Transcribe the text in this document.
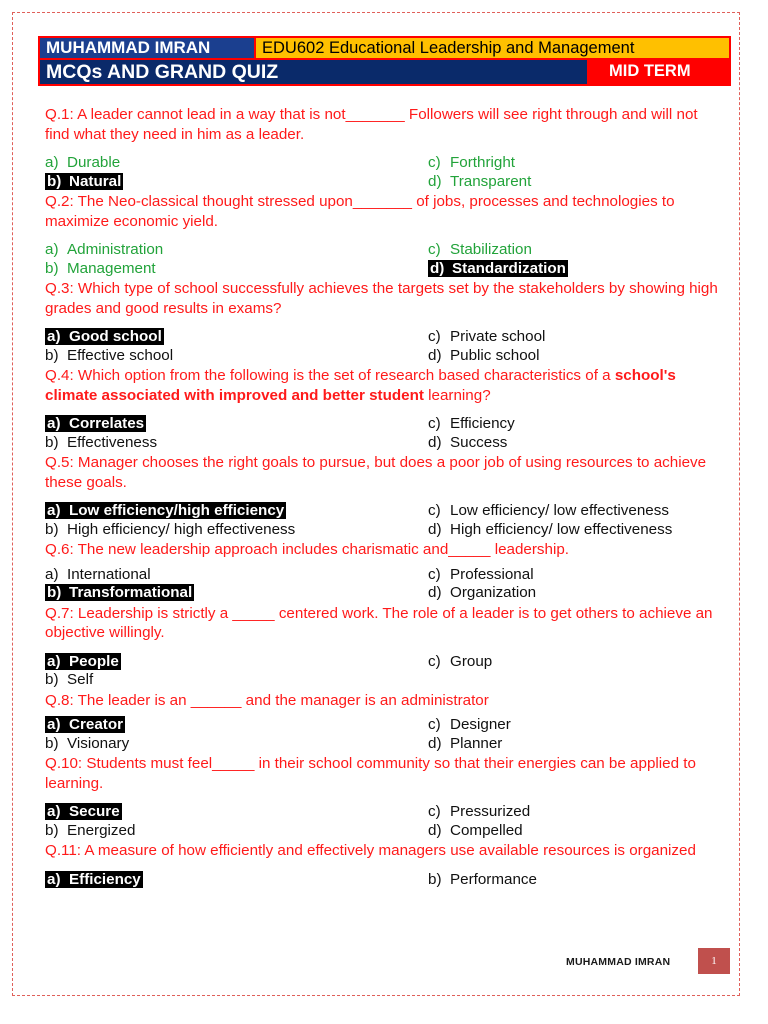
MUHAMMAD IMRAN	EDU602 Educational Leadership and Management
MCQs AND GRAND QUIZ	MID TERM

Q.1: A leader cannot lead in a way that is not_______ Followers will see right through and will not find what they need in him as a leader.

a) Durable	c) Forthright
b) Natural	d) Transparent

Q.2: The Neo-classical thought stressed upon_______ of jobs, processes and technologies to maximize economic yield.

a) Administration	c) Stabilization
b) Management	d) Standardization

Q.3: Which type of school successfully achieves the targets set by the stakeholders by showing high grades and good results in exams?

a) Good school	c) Private school
b) Effective school	d) Public school

Q.4: Which option from the following is the set of research based characteristics of a school's climate associated with improved and better student learning?

a) Correlates	c) Efficiency
b) Effectiveness	d) Success

Q.5: Manager chooses the right goals to pursue, but does a poor job of using resources to achieve these goals.

a) Low efficiency/high efficiency	c) Low efficiency/ low effectiveness
b) High efficiency/ high effectiveness	d) High efficiency/ low effectiveness

Q.6: The new leadership approach includes charismatic and_____ leadership.

a) International	c) Professional
b) Transformational	d) Organization

Q.7: Leadership is strictly a _____ centered work. The role of a leader is to get others to achieve an objective willingly.

a) People	c) Group
b) Self

Q.8: The leader is an ______ and the manager is an administrator

a) Creator	c) Designer
b) Visionary	d) Planner

Q.10: Students must feel_____ in their school community so that their energies can be applied to learning.

a) Secure	c) Pressurized
b) Energized	d) Compelled

Q.11: A measure of how efficiently and effectively managers use available resources is organized

a) Efficiency	b) Performance
MUHAMMAD IMRAN	1
